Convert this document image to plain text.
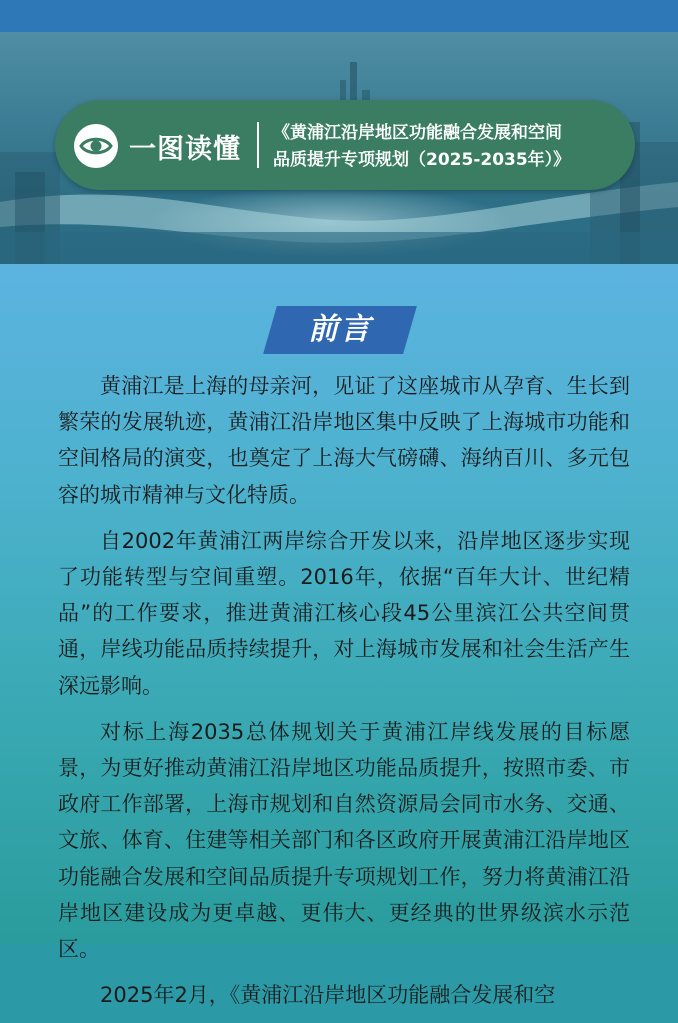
一图读懂
《黄浦江沿岸地区功能融合发展和空间
品质提升专项规划（2025-2035年）》
前言

黄浦江是上海的母亲河，见证了这座城市从孕育、生长到繁荣的发展轨迹，黄浦江沿岸地区集中反映了上海城市功能和空间格局的演变，也奠定了上海大气磅礴、海纳百川、多元包容的城市精神与文化特质。

自2002年黄浦江两岸综合开发以来，沿岸地区逐步实现了功能转型与空间重塑。2016年，依据“百年大计、世纪精品”的工作要求，推进黄浦江核心段45公里滨江公共空间贯通，岸线功能品质持续提升，对上海城市发展和社会生活产生深远影响。

对标上海2035总体规划关于黄浦江岸线发展的目标愿景，为更好推动黄浦江沿岸地区功能品质提升，按照市委、市政府工作部署，上海市规划和自然资源局会同市水务、交通、文旅、体育、住建等相关部门和各区政府开展黄浦江沿岸地区功能融合发展和空间品质提升专项规划工作，努力将黄浦江沿岸地区建设成为更卓越、更伟大、更经典的世界级滨水示范区。

2025年2月，《黄浦江沿岸地区功能融合发展和空
